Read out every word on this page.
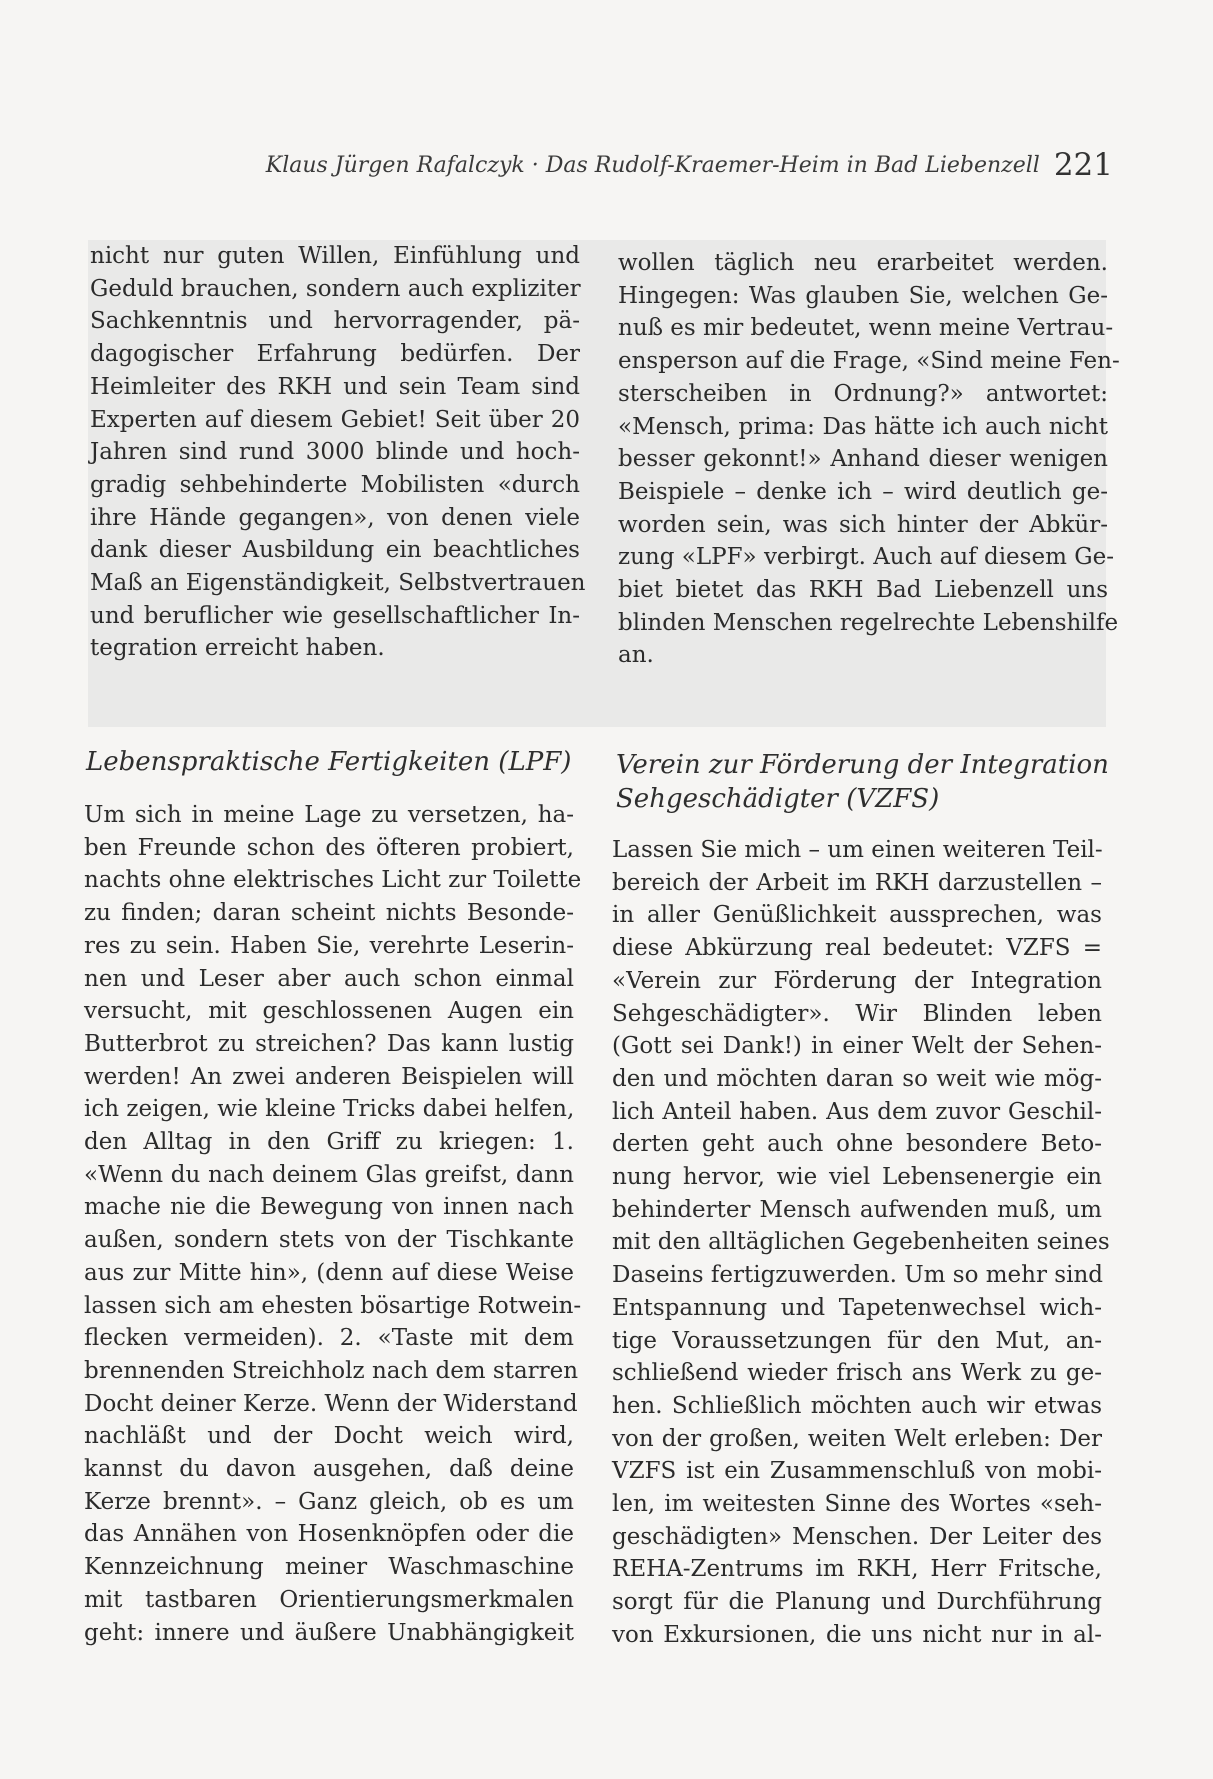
Klaus Jürgen Rafalczyk · Das Rudolf-Kraemer-Heim in Bad Liebenzell 221
nicht nur guten Willen, Einfühlung und
Geduld brauchen, sondern auch expliziter
Sachkenntnis und hervorragender, pä-
dagogischer Erfahrung bedürfen. Der
Heimleiter des RKH und sein Team sind
Experten auf diesem Gebiet! Seit über 20
Jahren sind rund 3000 blinde und hoch-
gradig sehbehinderte Mobilisten «durch
ihre Hände gegangen», von denen viele
dank dieser Ausbildung ein beachtliches
Maß an Eigenständigkeit, Selbstvertrauen
und beruflicher wie gesellschaftlicher In-
tegration erreicht haben.
wollen täglich neu erarbeitet werden.
Hingegen: Was glauben Sie, welchen Ge-
nuß es mir bedeutet, wenn meine Vertrau-
ensperson auf die Frage, «Sind meine Fen-
sterscheiben in Ordnung?» antwortet:
«Mensch, prima: Das hätte ich auch nicht
besser gekonnt!» Anhand dieser wenigen
Beispiele – denke ich – wird deutlich ge-
worden sein, was sich hinter der Abkür-
zung «LPF» verbirgt. Auch auf diesem Ge-
biet bietet das RKH Bad Liebenzell uns
blinden Menschen regelrechte Lebenshilfe
an.
Lebenspraktische Fertigkeiten (LPF)	Verein zur Förderung der Integration
Sehgeschädigter (VZFS)
Um sich in meine Lage zu versetzen, ha-
ben Freunde schon des öfteren probiert,
nachts ohne elektrisches Licht zur Toilette
zu finden; daran scheint nichts Besonde-
res zu sein. Haben Sie, verehrte Leserin-
nen und Leser aber auch schon einmal
versucht, mit geschlossenen Augen ein
Butterbrot zu streichen? Das kann lustig
werden! An zwei anderen Beispielen will
ich zeigen, wie kleine Tricks dabei helfen,
den Alltag in den Griff zu kriegen: 1.
«Wenn du nach deinem Glas greifst, dann
mache nie die Bewegung von innen nach
außen, sondern stets von der Tischkante
aus zur Mitte hin», (denn auf diese Weise
lassen sich am ehesten bösartige Rotwein-
flecken vermeiden). 2. «Taste mit dem
brennenden Streichholz nach dem starren
Docht deiner Kerze. Wenn der Widerstand
nachläßt und der Docht weich wird,
kannst du davon ausgehen, daß deine
Kerze brennt». – Ganz gleich, ob es um
das Annähen von Hosenknöpfen oder die
Kennzeichnung meiner Waschmaschine
mit tastbaren Orientierungsmerkmalen
geht: innere und äußere Unabhängigkeit
Lassen Sie mich – um einen weiteren Teil-
bereich der Arbeit im RKH darzustellen –
in aller Genüßlichkeit aussprechen, was
diese Abkürzung real bedeutet: VZFS =
«Verein zur Förderung der Integration
Sehgeschädigter». Wir Blinden leben
(Gott sei Dank!) in einer Welt der Sehen-
den und möchten daran so weit wie mög-
lich Anteil haben. Aus dem zuvor Geschil-
derten geht auch ohne besondere Beto-
nung hervor, wie viel Lebensenergie ein
behinderter Mensch aufwenden muß, um
mit den alltäglichen Gegebenheiten seines
Daseins fertigzuwerden. Um so mehr sind
Entspannung und Tapetenwechsel wich-
tige Voraussetzungen für den Mut, an-
schließend wieder frisch ans Werk zu ge-
hen. Schließlich möchten auch wir etwas
von der großen, weiten Welt erleben: Der
VZFS ist ein Zusammenschluß von mobi-
len, im weitesten Sinne des Wortes «seh-
geschädigten» Menschen. Der Leiter des
REHA-Zentrums im RKH, Herr Fritsche,
sorgt für die Planung und Durchführung
von Exkursionen, die uns nicht nur in al-
